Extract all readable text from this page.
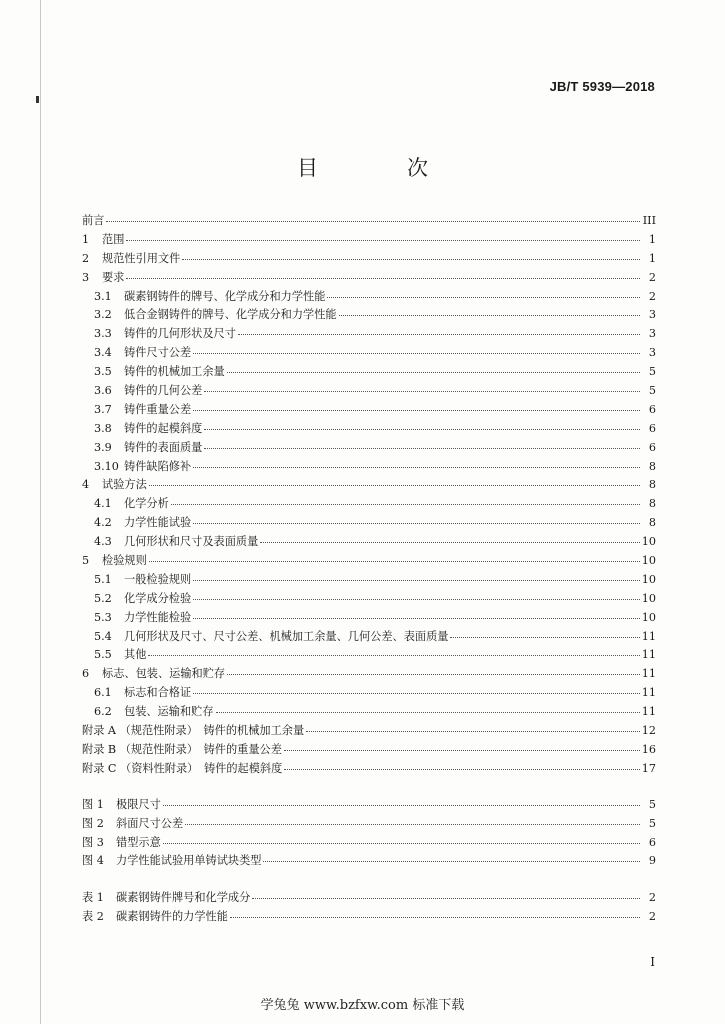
JB/T 5939—2018
目　次
前言	III
1	范围	1
2	规范性引用文件	1
3	要求	2
3.1	碳素钢铸件的牌号、化学成分和力学性能	2
3.2	低合金钢铸件的牌号、化学成分和力学性能	3
3.3	铸件的几何形状及尺寸	3
3.4	铸件尺寸公差	3
3.5	铸件的机械加工余量	5
3.6	铸件的几何公差	5
3.7	铸件重量公差	6
3.8	铸件的起模斜度	6
3.9	铸件的表面质量	6
3.10 铸件缺陷修补	8
4	试验方法	8
4.1	化学分析	8
4.2	力学性能试验	8
4.3	几何形状和尺寸及表面质量	10
5	检验规则	10
5.1	一般检验规则	10
5.2	化学成分检验	10
5.3	力学性能检验	10
5.4	几何形状及尺寸、尺寸公差、机械加工余量、几何公差、表面质量	11
5.5	其他	11
6	标志、包装、运输和贮存	11
6.1	标志和合格证	11
6.2	包装、运输和贮存	11
附录 A （规范性附录）　铸件的机械加工余量	12
附录 B （规范性附录）　铸件的重量公差	16
附录 C （资料性附录）　铸件的起模斜度	17
图 1	极限尺寸	5
图 2	斜面尺寸公差	5
图 3	错型示意	6
图 4	力学性能试验用单铸试块类型	9
表 1	碳素钢铸件牌号和化学成分	2
表 2	碳素钢铸件的力学性能	2
I
学兔兔 www.bzfxw.com 标准下载
